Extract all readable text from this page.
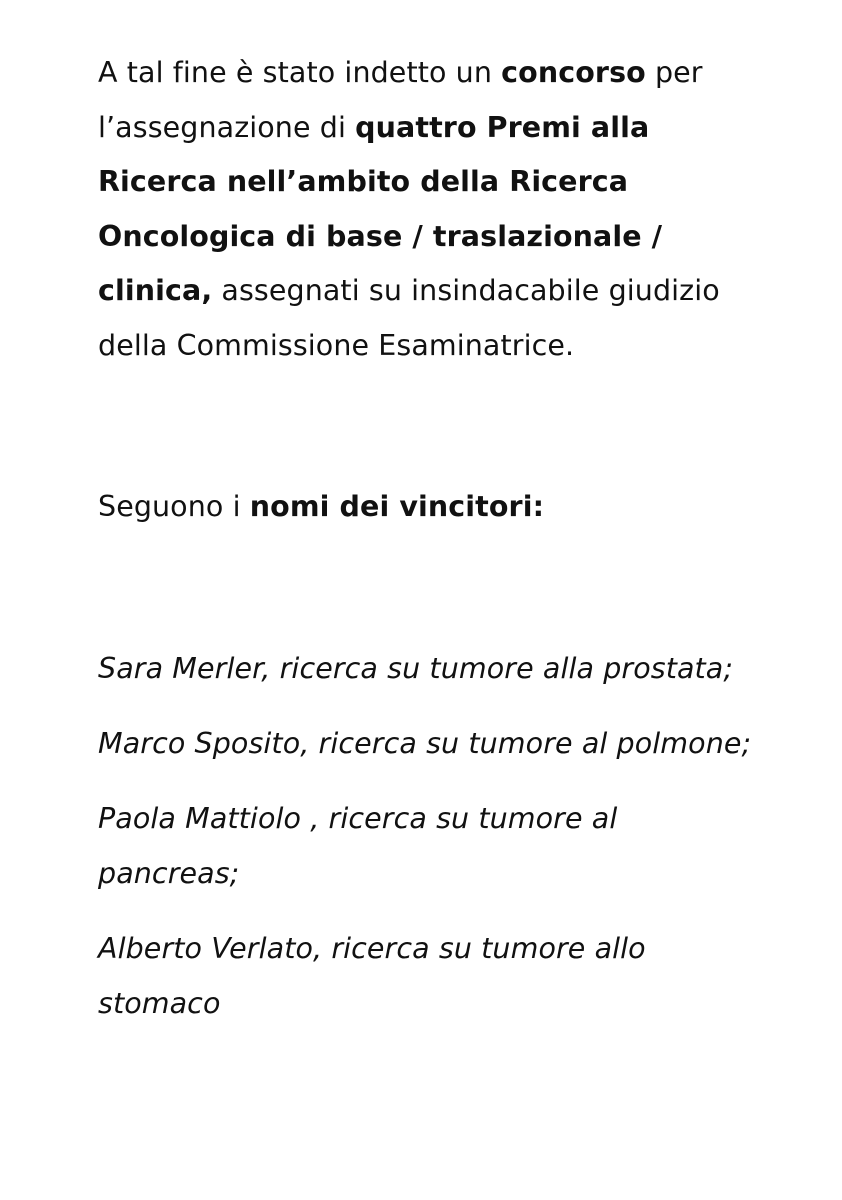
A tal fine è stato indetto un concorso per l’assegnazione di quattro Premi alla Ricerca nell’ambito della Ricerca Oncologica di base / traslazionale / clinica, assegnati su insindacabile giudizio della Commissione Esaminatrice.

Seguono i nomi dei vincitori:

Sara Merler, ricerca su tumore alla prostata;

Marco Sposito, ricerca su tumore al polmone;

Paola Mattiolo , ricerca su tumore al pancreas;

Alberto Verlato, ricerca su tumore allo stomaco
